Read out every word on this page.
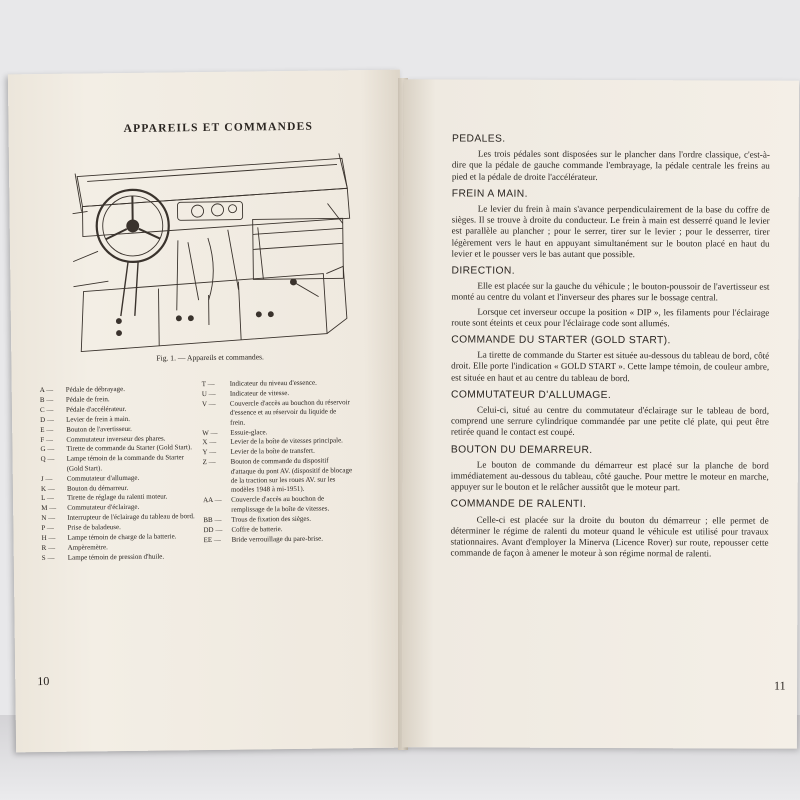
APPAREILS ET COMMANDES
Fig. 1. — Appareils et commandes.
A —	Pédale de débrayage.
B —	Pédale de frein.
C —	Pédale d'accélérateur.
D —	Levier de frein à main.
E —	Bouton de l'avertisseur.
F —	Commutateur inverseur des phares.
G —	Tirette de commande du Starter (Gold Start).
Q —	Lampe témoin de la commande du Starter (Gold Start).
J —	Commutateur d'allumage.
K —	Bouton du démarreur.
L —	Tirette de réglage du ralenti moteur.
M —	Commutateur d'éclairage.
N —	Interrupteur de l'éclairage du tableau de bord.
P —	Prise de baladeuse.
H —	Lampe témoin de charge de la batterie.
R —	Ampèremètre.
S —	Lampe témoin de pression d'huile.
T —	Indicateur du niveau d'essence.
U —	Indicateur de vitesse.
V —	Couvercle d'accès au bouchon du réservoir d'essence et au réservoir du liquide de frein.
W —	Essuie-glace.
X —	Levier de la boîte de vitesses principale.
Y —	Levier de la boîte de transfert.
Z —	Bouton de commande du dispositif d'attaque du pont AV. (dispositif de blocage de la traction sur les roues AV. sur les modèles 1948 à mi-1951).
AA —	Couvercle d'accès au bouchon de remplissage de la boîte de vitesses.
BB —	Trous de fixation des sièges.
DD —	Coffre de batterie.
EE —	Bride verrouillage du pare-brise.
10
PEDALES.

Les trois pédales sont disposées sur le plancher dans l'ordre classique, c'est-à-dire que la pédale de gauche commande l'embrayage, la pédale centrale les freins au pied et la pédale de droite l'accélérateur.

FREIN A MAIN.

Le levier du frein à main s'avance perpendiculairement de la base du coffre de sièges. Il se trouve à droite du conducteur. Le frein à main est desserré quand le levier est parallèle au plancher ; pour le serrer, tirer sur le levier ; pour le desserrer, tirer légèrement vers le haut en appuyant simultanément sur le bouton placé en haut du levier et le pousser vers le bas autant que possible.

DIRECTION.

Elle est placée sur la gauche du véhicule ; le bouton-poussoir de l'avertisseur est monté au centre du volant et l'inverseur des phares sur le bossage central.

Lorsque cet inverseur occupe la position « DIP », les filaments pour l'éclairage route sont éteints et ceux pour l'éclairage code sont allumés.

COMMANDE DU STARTER (GOLD START).

La tirette de commande du Starter est située au-dessous du tableau de bord, côté droit. Elle porte l'indication « GOLD START ». Cette lampe témoin, de couleur ambre, est située en haut et au centre du tableau de bord.

COMMUTATEUR D'ALLUMAGE.

Celui-ci, situé au centre du commutateur d'éclairage sur le tableau de bord, comprend une serrure cylindrique commandée par une petite clé plate, qui peut être retirée quand le contact est coupé.

BOUTON DU DEMARREUR.

Le bouton de commande du démarreur est placé sur la planche de bord immédiatement au-dessous du tableau, côté gauche. Pour mettre le moteur en marche, appuyer sur le bouton et le relâcher aussitôt que le moteur part.

COMMANDE DE RALENTI.

Celle-ci est placée sur la droite du bouton du démarreur ; elle permet de déterminer le régime de ralenti du moteur quand le véhicule est utilisé pour travaux stationnaires. Avant d'employer la Minerva (Licence Rover) sur route, repousser cette commande de façon à amener le moteur à son régime normal de ralenti.

11
